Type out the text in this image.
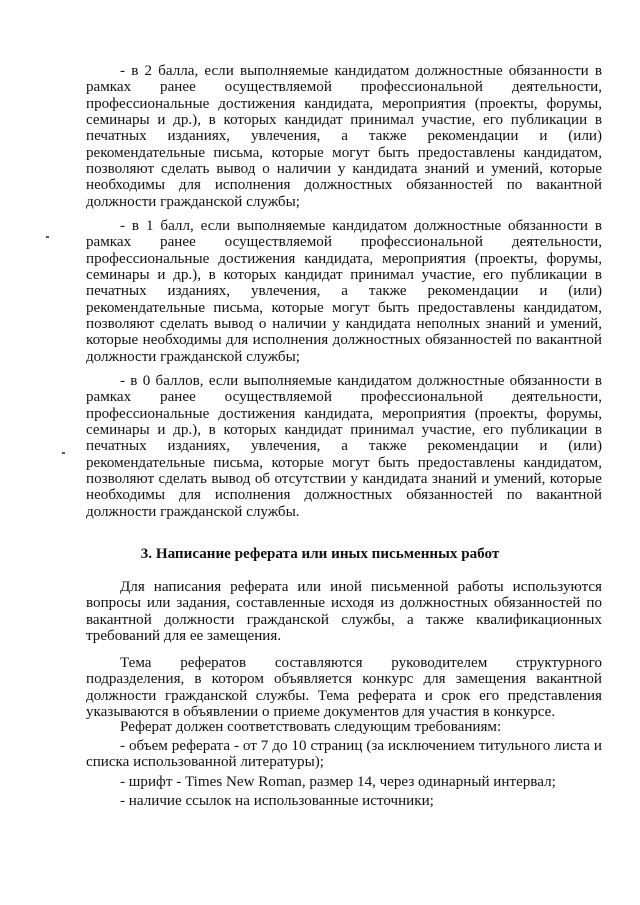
- в 2 балла, если выполняемые кандидатом должностные обязанности в рамках ранее осуществляемой профессиональной деятельности, профессиональные достижения кандидата, мероприятия (проекты, форумы, семинары и др.), в которых кандидат принимал участие, его публикации в печатных изданиях, увлечения, а также рекомендации и (или) рекомендательные письма, которые могут быть предоставлены кандидатом, позволяют сделать вывод о наличии у кандидата знаний и умений, которые необходимы для исполнения должностных обязанностей по вакантной должности гражданской службы;

- в 1 балл, если выполняемые кандидатом должностные обязанности в рамках ранее осуществляемой профессиональной деятельности, профессиональные достижения кандидата, мероприятия (проекты, форумы, семинары и др.), в которых кандидат принимал участие, его публикации в печатных изданиях, увлечения, а также рекомендации и (или) рекомендательные письма, которые могут быть предоставлены кандидатом, позволяют сделать вывод о наличии у кандидата неполных знаний и умений, которые необходимы для исполнения должностных обязанностей по вакантной должности гражданской службы;

- в 0 баллов, если выполняемые кандидатом должностные обязанности в рамках ранее осуществляемой профессиональной деятельности, профессиональные достижения кандидата, мероприятия (проекты, форумы, семинары и др.), в которых кандидат принимал участие, его публикации в печатных изданиях, увлечения, а также рекомендации и (или) рекомендательные письма, которые могут быть предоставлены кандидатом, позволяют сделать вывод об отсутствии у кандидата знаний и умений, которые необходимы для исполнения должностных обязанностей по вакантной должности гражданской службы.

3. Написание реферата или иных письменных работ

Для написания реферата или иной письменной работы используются вопросы или задания, составленные исходя из должностных обязанностей по вакантной должности гражданской службы, а также квалификационных требований для ее замещения.

Тема рефератов составляются руководителем структурного подразделения, в котором объявляется конкурс для замещения вакантной должности гражданской службы. Тема реферата и срок его представления указываются в объявлении о приеме документов для участия в конкурсе.

Реферат должен соответствовать следующим требованиям:

- объем реферата - от 7 до 10 страниц (за исключением титульного листа и списка использованной литературы);

- шрифт - Times New Roman, размер 14, через одинарный интервал;

- наличие ссылок на использованные источники;
